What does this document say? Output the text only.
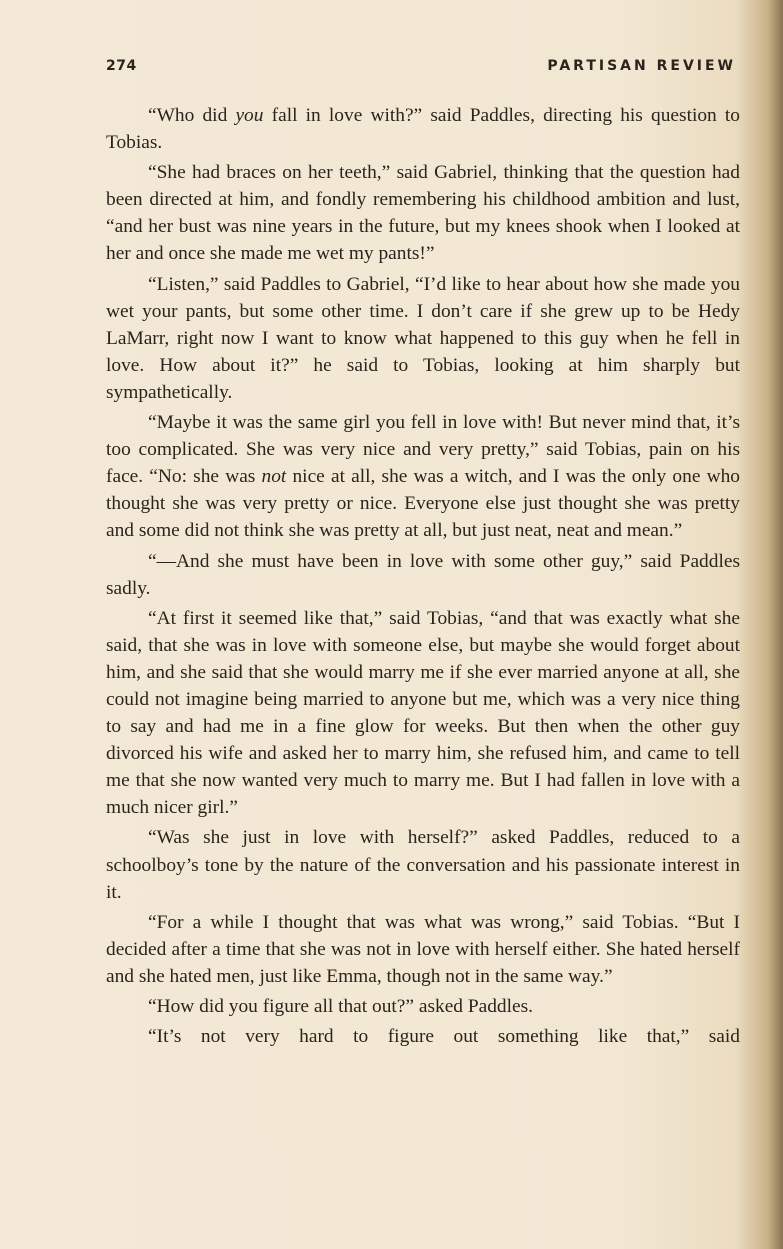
274	PARTISAN REVIEW

“Who did you fall in love with?” said Paddles, directing his question to Tobias.

“She had braces on her teeth,” said Gabriel, thinking that the question had been directed at him, and fondly remembering his childhood ambition and lust, “and her bust was nine years in the future, but my knees shook when I looked at her and once she made me wet my pants!”

“Listen,” said Paddles to Gabriel, “I’d like to hear about how she made you wet your pants, but some other time. I don’t care if she grew up to be Hedy LaMarr, right now I want to know what happened to this guy when he fell in love. How about it?” he said to Tobias, looking at him sharply but sympathetically.

“Maybe it was the same girl you fell in love with! But never mind that, it’s too complicated. She was very nice and very pretty,” said Tobias, pain on his face. “No: she was not nice at all, she was a witch, and I was the only one who thought she was very pretty or nice. Everyone else just thought she was pretty and some did not think she was pretty at all, but just neat, neat and mean.”

“—And she must have been in love with some other guy,” said Paddles sadly.

“At first it seemed like that,” said Tobias, “and that was exactly what she said, that she was in love with someone else, but maybe she would forget about him, and she said that she would marry me if she ever married anyone at all, she could not imagine being married to anyone but me, which was a very nice thing to say and had me in a fine glow for weeks. But then when the other guy divorced his wife and asked her to marry him, she refused him, and came to tell me that she now wanted very much to marry me. But I had fallen in love with a much nicer girl.”

“Was she just in love with herself?” asked Paddles, reduced to a schoolboy’s tone by the nature of the conversation and his passionate interest in it.

“For a while I thought that was what was wrong,” said Tobias. “But I decided after a time that she was not in love with herself either. She hated herself and she hated men, just like Emma, though not in the same way.”

“How did you figure all that out?” asked Paddles.

“It’s not very hard to figure out something like that,” said
